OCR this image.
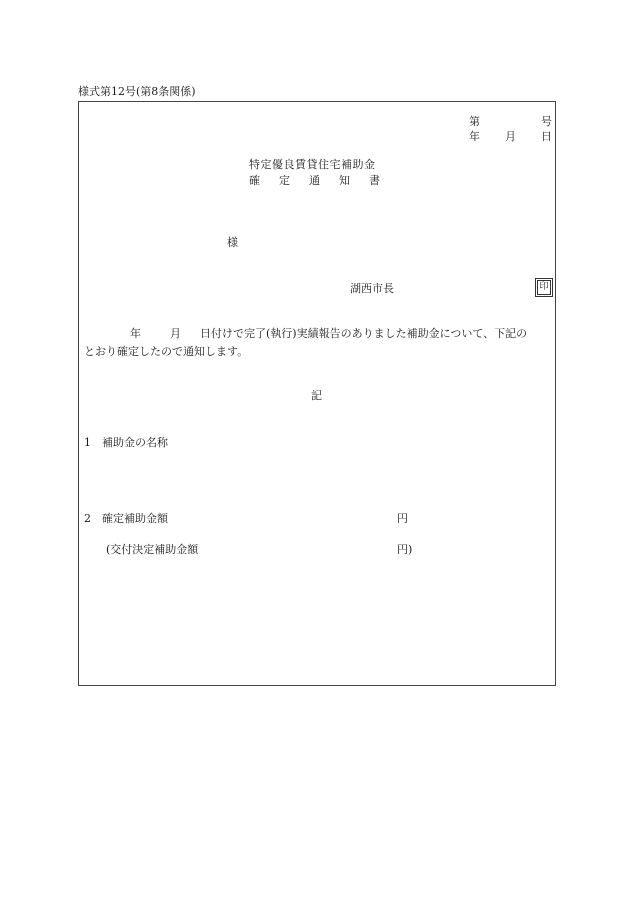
様式第12号(第8条関係)
第	号
年 月 日
特定優良賃貸住宅補助金
確 定 通 知 書
様
湖西市長	印
年	月 日付けで完了(執行)実績報告のありました補助金について、下記の
とおり確定したので通知します。
記
1　補助金の名称
2　確定補助金額	円
(交付決定補助金額	円)
